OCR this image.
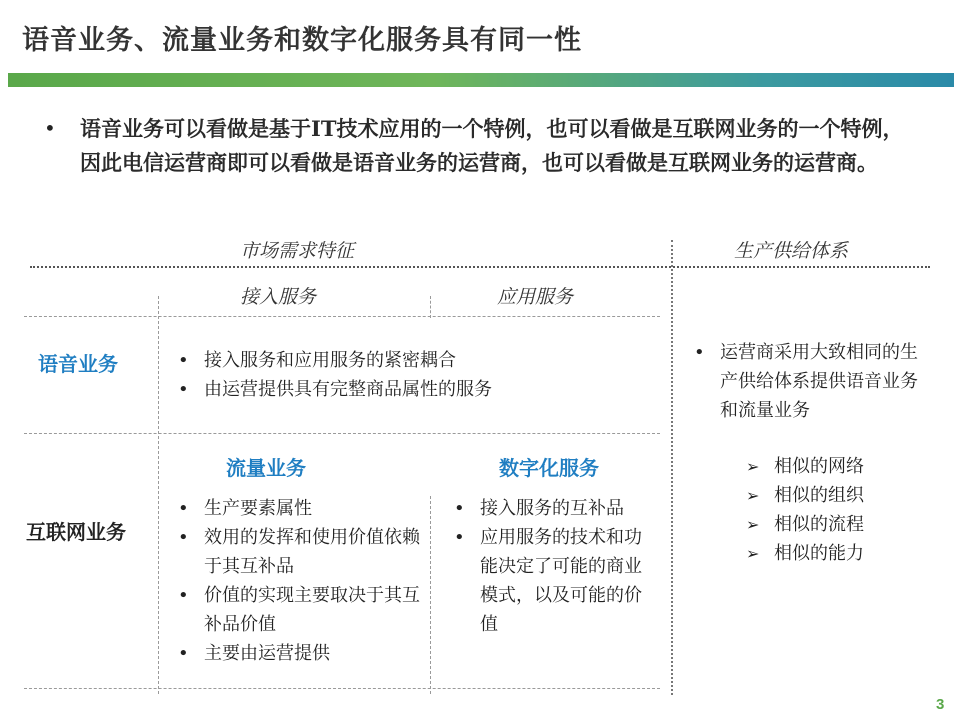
语音业务、流量业务和数字化服务具有同一性
• 语音业务可以看做是基于IT技术应用的一个特例，也可以看做是互联网业务的一个特例，因此电信运营商即可以看做是语音业务的运营商，也可以看做是互联网业务的运营商。
市场需求特征	生产供给体系
接入服务	应用服务
语音业务
•	接入服务和应用服务的紧密耦合
• 由运营提供具有完整商品属性的服务
互联网业务
流量业务	数字化服务
• 生产要素属性
• 效用的发挥和使用价值依赖于其互补品
• 价值的实现主要取决于其互补品价值
• 主要由运营提供
• 接入服务的互补品
• 应用服务的技术和功能决定了可能的商业模式，以及可能的价值
• 运营商采用大致相同的生产供给体系提供语音业务和流量业务
➢ 相似的网络
➢ 相似的组织
➢ 相似的流程
➢ 相似的能力
3
